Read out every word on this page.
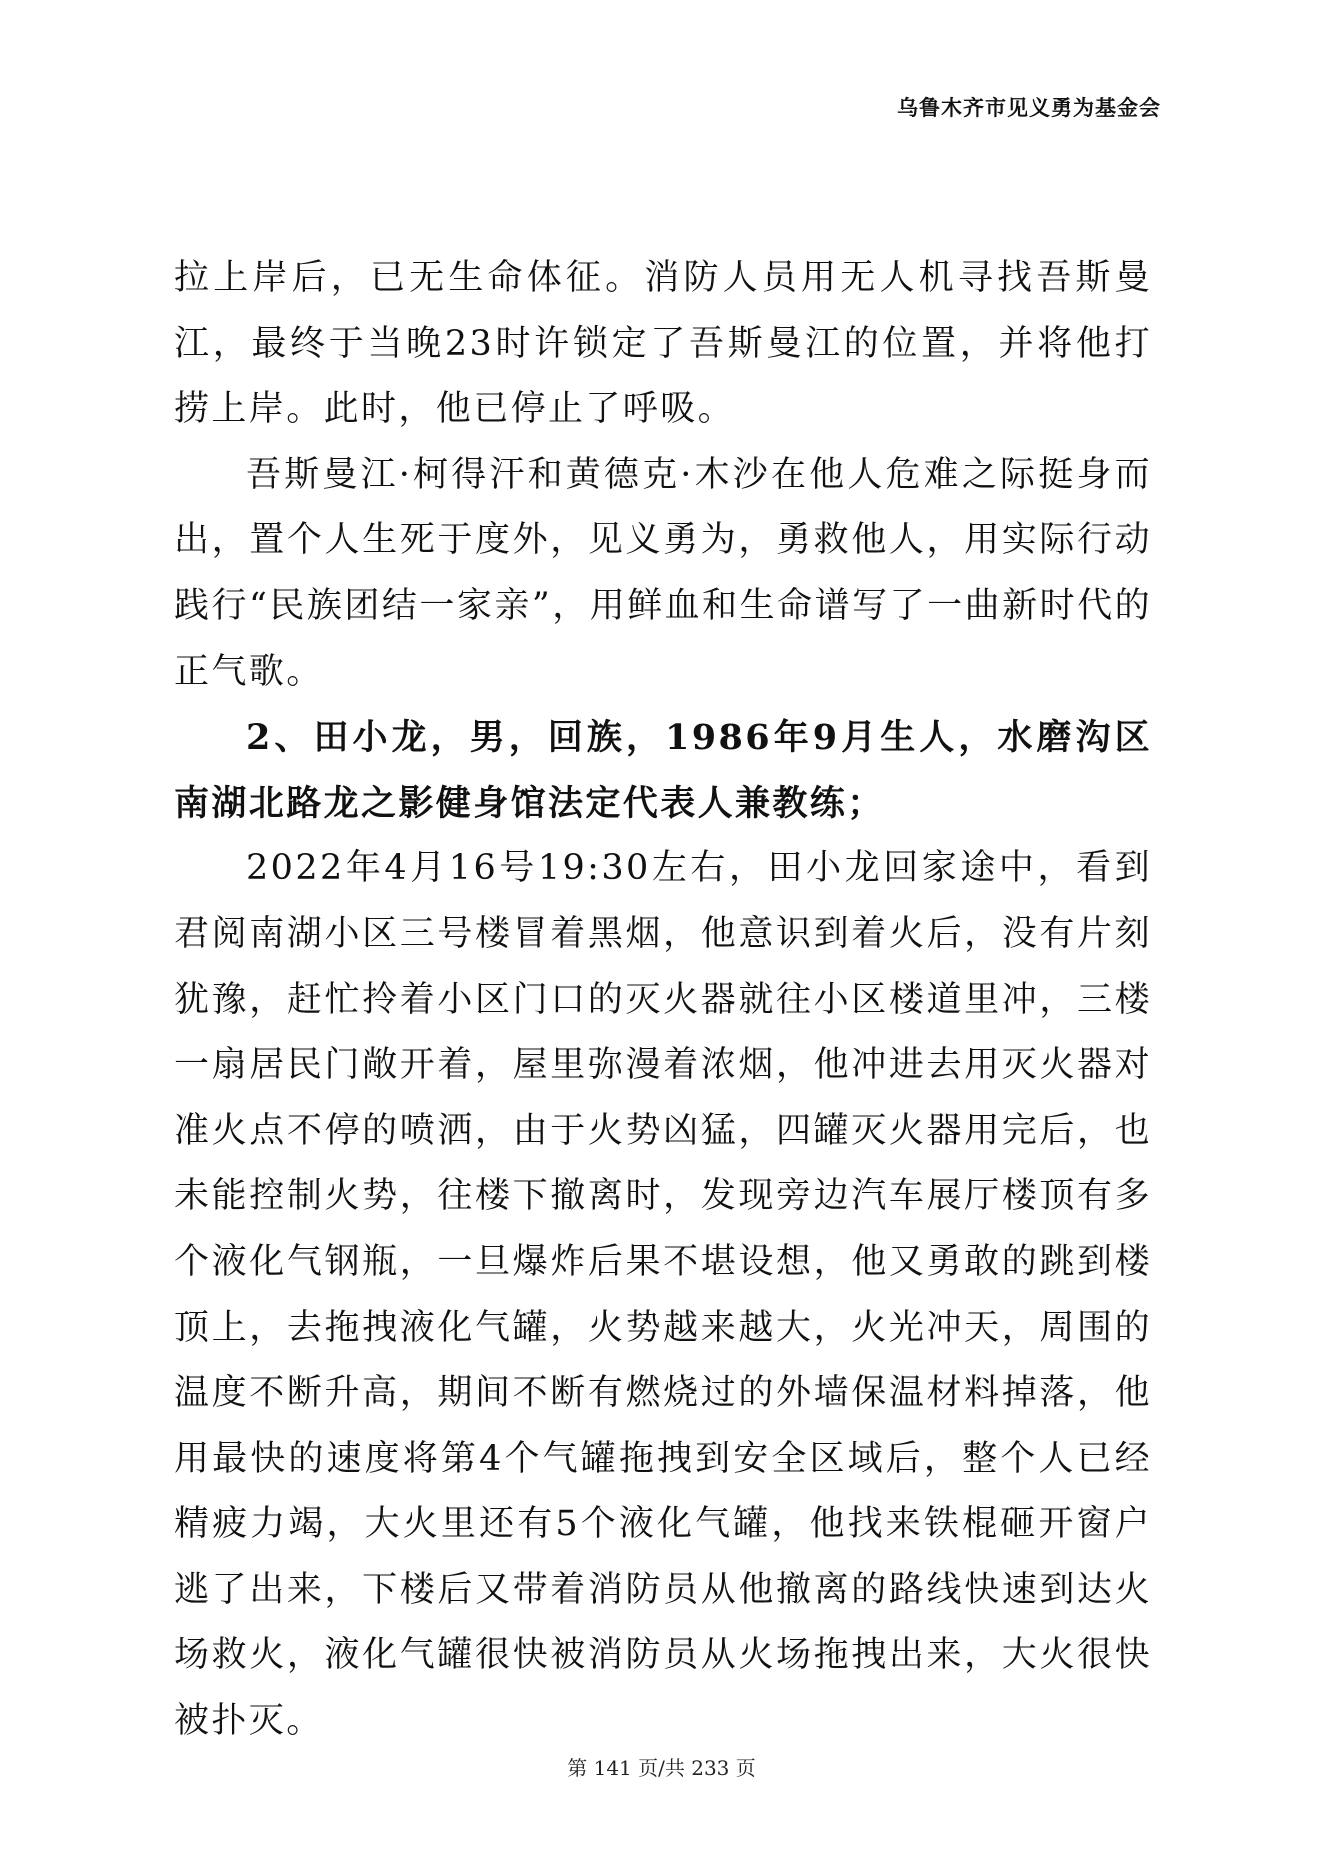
乌鲁木齐市见义勇为基金会

拉上岸后，已无生命体征。消防人员用无人机寻找吾斯曼江，最终于当晚23时许锁定了吾斯曼江的位置，并将他打捞上岸。此时，他已停止了呼吸。

吾斯曼江·柯得汗和黄德克·木沙在他人危难之际挺身而出，置个人生死于度外，见义勇为，勇救他人，用实际行动践行“民族团结一家亲”，用鲜血和生命谱写了一曲新时代的正气歌。

2、田小龙，男，回族，1986年9月生人，水磨沟区南湖北路龙之影健身馆法定代表人兼教练；

2022年4月16号19:30左右，田小龙回家途中，看到君阅南湖小区三号楼冒着黑烟，他意识到着火后，没有片刻犹豫，赶忙拎着小区门口的灭火器就往小区楼道里冲，三楼一扇居民门敞开着，屋里弥漫着浓烟，他冲进去用灭火器对准火点不停的喷洒，由于火势凶猛，四罐灭火器用完后，也未能控制火势，往楼下撤离时，发现旁边汽车展厅楼顶有多个液化气钢瓶，一旦爆炸后果不堪设想，他又勇敢的跳到楼顶上，去拖拽液化气罐，火势越来越大，火光冲天，周围的温度不断升高，期间不断有燃烧过的外墙保温材料掉落，他用最快的速度将第4个气罐拖拽到安全区域后，整个人已经精疲力竭，大火里还有5个液化气罐，他找来铁棍砸开窗户逃了出来，下楼后又带着消防员从他撤离的路线快速到达火场救火，液化气罐很快被消防员从火场拖拽出来，大火很快被扑灭。

第 141 页/共 233 页
